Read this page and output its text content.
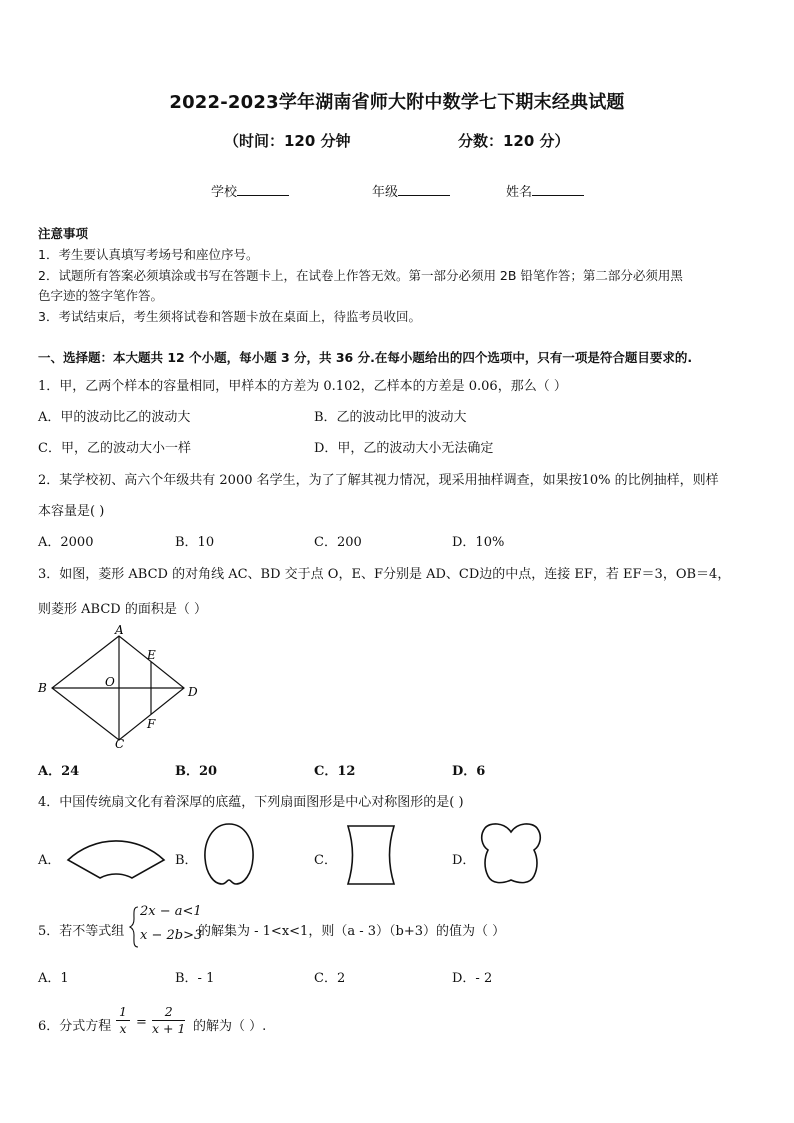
2022-2023学年湖南省师大附中数学七下期末经典试题
（时间：120 分钟	分数：120 分）
学校	年级	姓名
注意事项
1．考生要认真填写考场号和座位序号。
2．试题所有答案必须填涂或书写在答题卡上，在试卷上作答无效。第一部分必须用 2B 铅笔作答；第二部分必须用黑
色字迹的签字笔作答。
3．考试结束后，考生须将试卷和答题卡放在桌面上，待监考员收回。
一、选择题：本大题共 12 个小题，每小题 3 分，共 36 分.在每小题给出的四个选项中，只有一项是符合题目要求的.
1．甲，乙两个样本的容量相同，甲样本的方差为 0.102，乙样本的方差是 0.06，那么（ ）
A．甲的波动比乙的波动大	B．乙的波动比甲的波动大
C．甲，乙的波动大小一样	D．甲，乙的波动大小无法确定
2．某学校初、高六个年级共有 2000 名学生，为了了解其视力情况，现采用抽样调查，如果按10% 的比例抽样，则样
本容量是( )
A．2000	B．10	C．200	D．10%
3．如图，菱形 ABCD 的对角线 AC、BD 交于点 O，E、F分别是 AD、CD边的中点，连接 EF，若 EF＝3，OB＝4，
则菱形 ABCD 的面积是（ ）
A
B
C
D
E
F
O
A．24	B．20	C．12	D．6
4．中国传统扇文化有着深厚的底蕴，下列扇面图形是中心对称图形的是( )
A．	B．	C．	D．
5．若不等式组
2x − a<1
x − 2b>3
的解集为 - 1<x<1，则（a - 3）（b+3）的值为（ ）
A．1	B．- 1	C．2	D．- 2
6．分式方程 $\frac{1}{x} = \frac{2}{x + 1}$ 的解为（ ）.
